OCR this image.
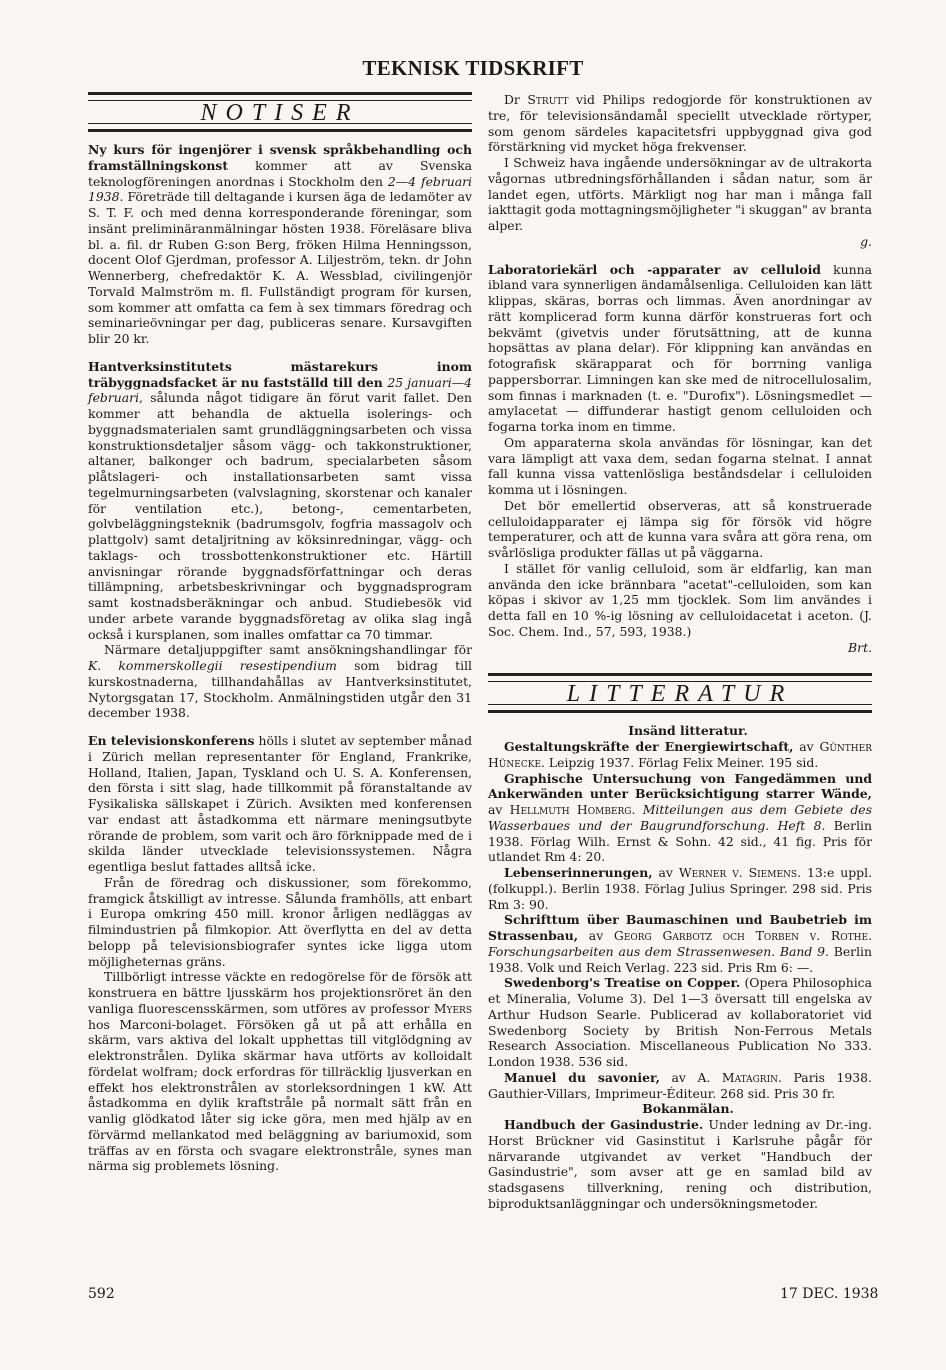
TEKNISK TIDSKRIFT
NOTISER

Ny kurs för ingenjörer i svensk språkbehandling och framställningskonst kommer att av Svenska teknologföreningen anordnas i Stockholm den 2—4 februari 1938. Företräde till deltagande i kursen äga de ledamöter av S. T. F. och med denna korresponderande föreningar, som insänt preliminäranmälningar hösten 1938. Föreläsare bliva bl. a. fil. dr Ruben G:son Berg, fröken Hilma Henningsson, docent Olof Gjerdman, professor A. Liljeström, tekn. dr John Wennerberg, chefredaktör K. A. Wessblad, civilingenjör Torvald Malmström m. fl. Fullständigt program för kursen, som kommer att omfatta ca fem à sex timmars föredrag och seminarieövningar per dag, publiceras senare. Kursavgiften blir 20 kr.

Hantverksinstitutets mästarekurs inom träbyggnadsfacket är nu fastställd till den 25 januari—4 februari, sålunda något tidigare än förut varit fallet. Den kommer att behandla de aktuella isolerings- och byggnadsmaterialen samt grundläggningsarbeten och vissa konstruktionsdetaljer såsom vägg- och takkonstruktioner, altaner, balkonger och badrum, specialarbeten såsom plåtslageri- och installationsarbeten samt vissa tegelmurningsarbeten (valvslagning, skorstenar och kanaler för ventilation etc.), betong-, cementarbeten, golvbeläggningsteknik (badrumsgolv, fogfria massagolv och plattgolv) samt detaljritning av köksinredningar, vägg- och taklags- och trossbottenkonstruktioner etc. Härtill anvisningar rörande byggnadsförfattningar och deras tillämpning, arbetsbeskrivningar och byggnadsprogram samt kostnadsberäkningar och anbud. Studiebesök vid under arbete varande byggnadsföretag av olika slag ingå också i kursplanen, som inalles omfattar ca 70 timmar.

Närmare detaljuppgifter samt ansökningshandlingar för K. kommerskollegii resestipendium som bidrag till kurskostnaderna, tillhandahållas av Hantverksinstitutet, Nytorgsgatan 17, Stockholm. Anmälningstiden utgår den 31 december 1938.

En televisionskonferens hölls i slutet av september månad i Zürich mellan representanter för England, Frankrike, Holland, Italien, Japan, Tyskland och U. S. A. Konferensen, den första i sitt slag, hade tillkommit på föranstaltande av Fysikaliska sällskapet i Zürich. Avsikten med konferensen var endast att åstadkomma ett närmare meningsutbyte rörande de problem, som varit och äro förknippade med de i skilda länder utvecklade televisionssystemen. Några egentliga beslut fattades alltså icke.

Från de föredrag och diskussioner, som förekommo, framgick åtskilligt av intresse. Sålunda framhölls, att enbart i Europa omkring 450 mill. kronor årligen nedläggas av filmindustrien på filmkopior. Att överflytta en del av detta belopp på televisionsbiografer syntes icke ligga utom möjligheternas gräns.

Tillbörligt intresse väckte en redogörelse för de försök att konstruera en bättre ljusskärm hos projektionsröret än den vanliga fluorescensskärmen, som utföres av professor Myers hos Marconi-bolaget. Försöken gå ut på att erhålla en skärm, vars aktiva del lokalt upphettas till vitglödgning av elektronstrålen. Dylika skärmar hava utförts av kolloidalt fördelat wolfram; dock erfordras för tillräcklig ljusverkan en effekt hos elektronstrålen av storleksordningen 1 kW. Att åstadkomma en dylik kraftstråle på normalt sätt från en vanlig glödkatod låter sig icke göra, men med hjälp av en förvärmd mellankatod med beläggning av bariumoxid, som träffas av en första och svagare elektronstråle, synes man närma sig problemets lösning.

Dr Strutt vid Philips redogjorde för konstruktionen av tre, för televisionsändamål speciellt utvecklade rörtyper, som genom särdeles kapacitetsfri uppbyggnad giva god förstärkning vid mycket höga frekvenser.

I Schweiz hava ingående undersökningar av de ultrakorta vågornas utbredningsförhållanden i sådan natur, som är landet egen, utförts. Märkligt nog har man i många fall iakttagit goda mottagningsmöjligheter "i skuggan" av branta alper.

g.

Laboratoriekärl och -apparater av celluloid kunna ibland vara synnerligen ändamålsenliga. Celluloiden kan lätt klippas, skäras, borras och limmas. Även anordningar av rätt komplicerad form kunna därför konstrueras fort och bekvämt (givetvis under förutsättning, att de kunna hopsättas av plana delar). För klippning kan användas en fotografisk skärapparat och för borrning vanliga pappersborrar. Limningen kan ske med de nitrocellulosalim, som finnas i marknaden (t. e. "Durofix"). Lösningsmedlet — amylacetat — diffunderar hastigt genom celluloiden och fogarna torka inom en timme.

Om apparaterna skola användas för lösningar, kan det vara lämpligt att vaxa dem, sedan fogarna stelnat. I annat fall kunna vissa vattenlösliga beståndsdelar i celluloiden komma ut i lösningen.

Det bör emellertid observeras, att så konstruerade celluloidapparater ej lämpa sig för försök vid högre temperaturer, och att de kunna vara svåra att göra rena, om svårlösliga produkter fällas ut på väggarna.

I stället för vanlig celluloid, som är eldfarlig, kan man använda den icke brännbara "acetat"-celluloiden, som kan köpas i skivor av 1,25 mm tjocklek. Som lim användes i detta fall en 10 %-ig lösning av celluloidacetat i aceton. (J. Soc. Chem. Ind., 57, 593, 1938.)

Brt.

LITTERATUR

Insänd litteratur.

Gestaltungskräfte der Energiewirtschaft, av Günther Hünecke. Leipzig 1937. Förlag Felix Meiner. 195 sid.

Graphische Untersuchung von Fangedämmen und Ankerwänden unter Berücksichtigung starrer Wände, av Hellmuth Homberg. Mitteilungen aus dem Gebiete des Wasserbaues und der Baugrundforschung. Heft 8. Berlin 1938. Förlag Wilh. Ernst & Sohn. 42 sid., 41 fig. Pris för utlandet Rm 4: 20.

Lebenserinnerungen, av Werner v. Siemens. 13:e uppl. (folkuppl.). Berlin 1938. Förlag Julius Springer. 298 sid. Pris Rm 3: 90.

Schrifttum über Baumaschinen und Baubetrieb im Strassenbau, av Georg Garbotz och Torben v. Rothe. Forschungsarbeiten aus dem Strassenwesen. Band 9. Berlin 1938. Volk und Reich Verlag. 223 sid. Pris Rm 6: —.

Swedenborg's Treatise on Copper. (Opera Philosophica et Mineralia, Volume 3). Del 1—3 översatt till engelska av Arthur Hudson Searle. Publicerad av kollaboratoriet vid Swedenborg Society by British Non-Ferrous Metals Research Association. Miscellaneous Publication No 333. London 1938. 536 sid.

Manuel du savonier, av A. Matagrin. Paris 1938. Gauthier-Villars, Imprimeur-Éditeur. 268 sid. Pris 30 fr.

Bokanmälan.

Handbuch der Gasindustrie. Under ledning av Dr.-ing. Horst Brückner vid Gasinstitut i Karlsruhe pågår för närvarande utgivandet av verket "Handbuch der Gasindustrie", som avser att ge en samlad bild av stadsgasens tillverkning, rening och distribution, biproduktsanläggningar och undersökningsmetoder.

592	17 DEC. 1938
